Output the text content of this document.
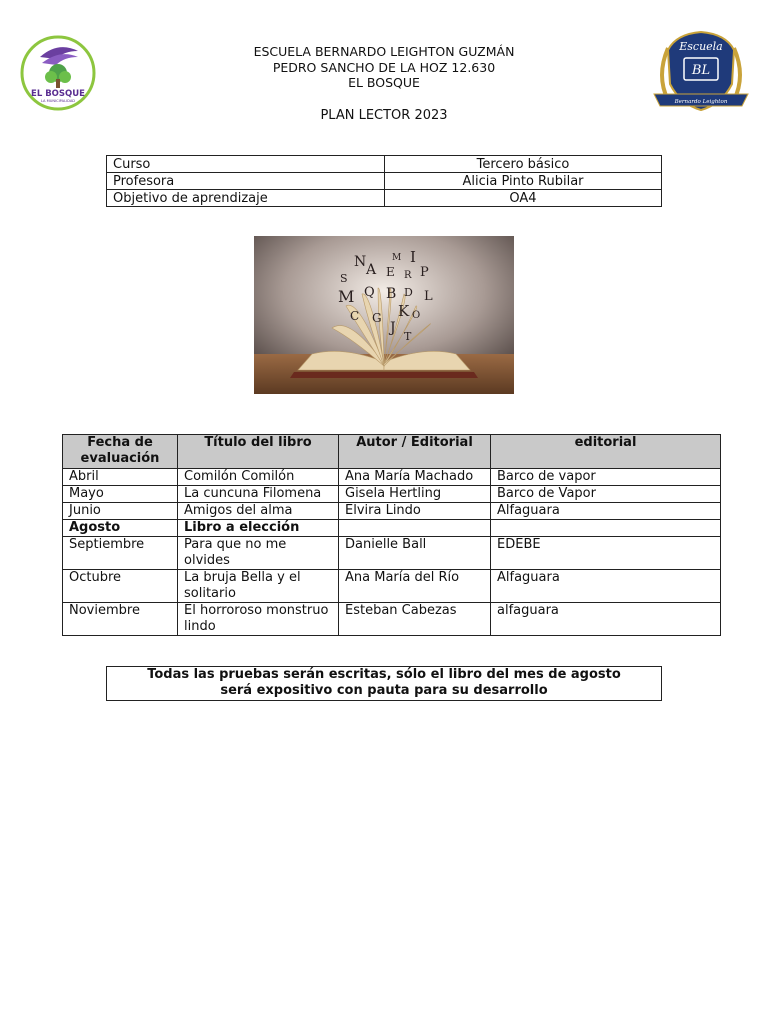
EL BOSQUE
LA MUNICIPALIDAD
Escuela
BL
Bernardo Leighton
ESCUELA BERNARDO LEIGHTON GUZMÁN
PEDRO SANCHO DE LA HOZ 12.630
EL BOSQUE
PLAN LECTOR 2023
Curso	Tercero básico
Profesora	Alicia Pinto Rubilar
Objetivo de aprendizaje	OA4
N	M I
S
A E R P
M Q B D L
C	K
G
J
T
O
Fecha de evaluación	Título del libro	Autor / Editorial	editorial
Abril	Comilón Comilón	Ana María Machado	Barco de vapor
Mayo	La cuncuna Filomena	Gisela Hertling	Barco de Vapor
Junio	Amigos del alma	Elvira Lindo	Alfaguara
Agosto	Libro a elección		
Septiembre	Para que no me olvides	Danielle Ball	EDEBE
Octubre	La bruja Bella y el solitario	Ana María del Río	Alfaguara
Noviembre	El horroroso monstruo lindo	Esteban Cabezas	alfaguara
Todas las pruebas serán escritas, sólo el libro del mes de agosto
será expositivo con pauta para su desarrollo
